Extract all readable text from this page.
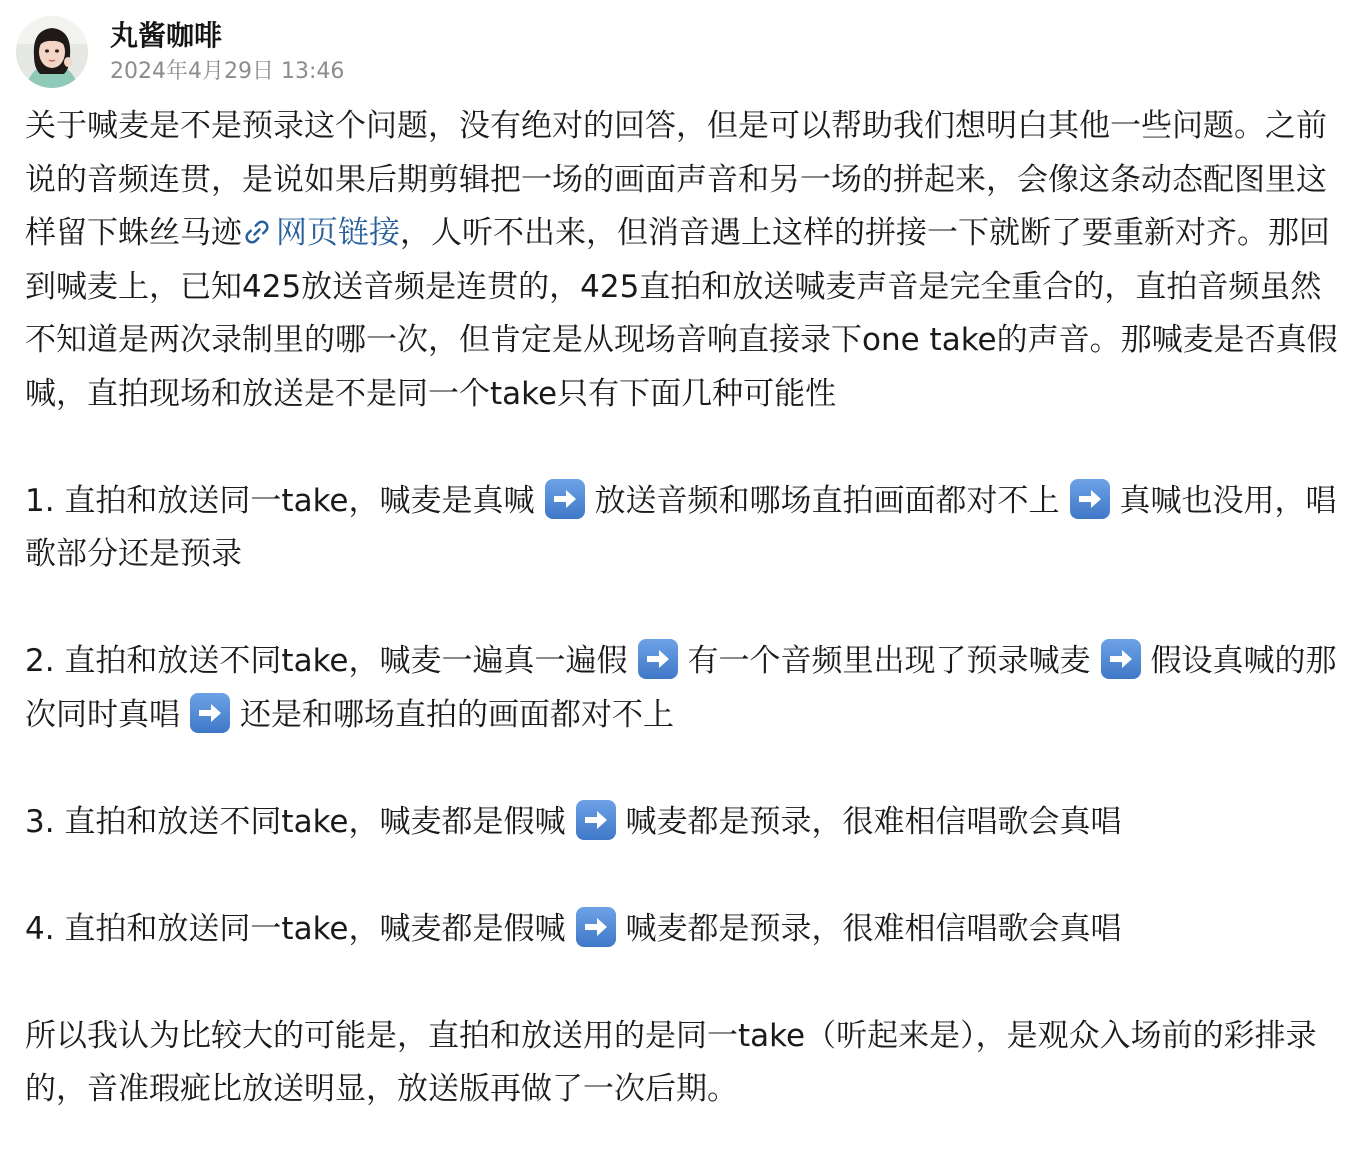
丸酱咖啡
2024年4月29日 13:46

关于喊麦是不是预录这个问题，没有绝对的回答，但是可以帮助我们想明白其他一些问题。之前说的音频连贯，是说如果后期剪辑把一场的画面声音和另一场的拼起来，会像这条动态配图里这样留下蛛丝马迹 网页链接，人听不出来，但消音遇上这样的拼接一下就断了要重新对齐。那回到喊麦上，已知425放送音频是连贯的，425直拍和放送喊麦声音是完全重合的，直拍音频虽然不知道是两次录制里的哪一次，但肯定是从现场音响直接录下one take的声音。那喊麦是否真假喊，直拍现场和放送是不是同一个take只有下面几种可能性

1. 直拍和放送同一take，喊麦是真喊 放送音频和哪场直拍画面都对不上 真喊也没用，唱歌部分还是预录

2. 直拍和放送不同take，喊麦一遍真一遍假 有一个音频里出现了预录喊麦 假设真喊的那次同时真唱 还是和哪场直拍的画面都对不上

3. 直拍和放送不同take，喊麦都是假喊 喊麦都是预录，很难相信唱歌会真唱

4. 直拍和放送同一take，喊麦都是假喊 喊麦都是预录，很难相信唱歌会真唱

所以我认为比较大的可能是，直拍和放送用的是同一take（听起来是），是观众入场前的彩排录的，音准瑕疵比放送明显，放送版再做了一次后期。
